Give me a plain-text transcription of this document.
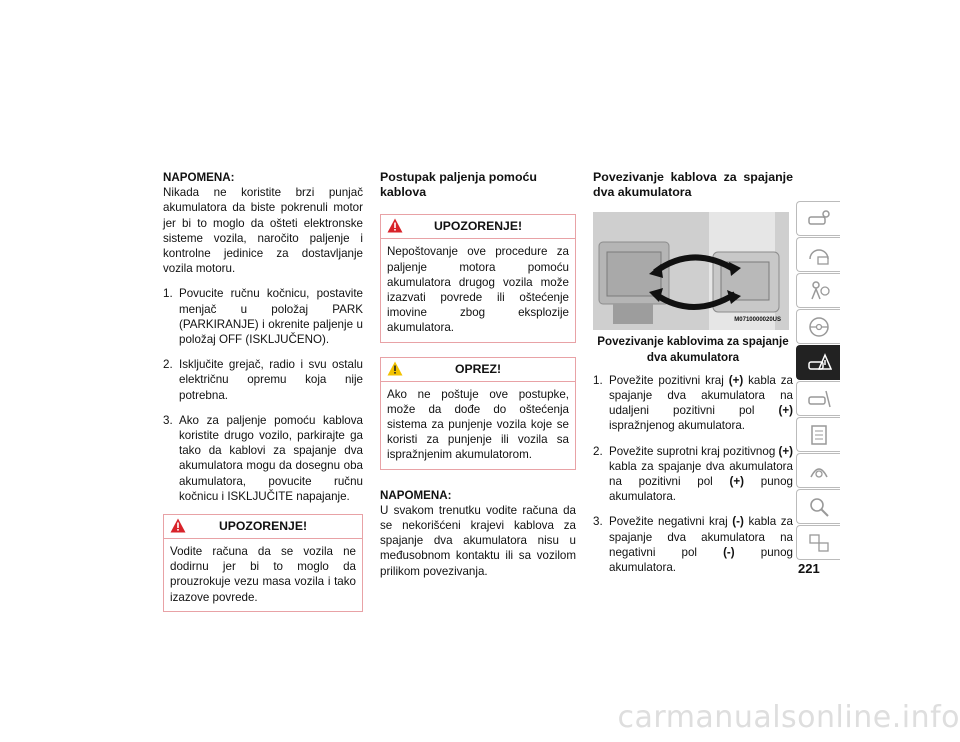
NAPOMENA:

Nikada ne koristite brzi punjač akumulatora da biste pokrenuli motor jer bi to moglo da ošteti elektronske sisteme vozila, naročito paljenje i kontrolne jedinice za dostavljanje vozila motoru.

1. Povucite ručnu kočnicu, postavite menjač u položaj PARK (PARKIRANJE) i okrenite paljenje u položaj OFF (ISKLJUČENO).
2. Isključite grejač, radio i svu ostalu električnu opremu koja nije potrebna.
3. Ako za paljenje pomoću kablova koristite drugo vozilo, parkirajte ga tako da kablovi za spajanje dva akumulatora mogu da dosegnu oba akumulatora, povucite ručnu kočnicu i ISKLJUČITE napajanje.
UPOZORENJE!
Vodite računa da se vozila ne dodirnu jer bi to moglo da prouzrokuje vezu masa vozila i tako izazove povrede.
Postupak paljenja pomoću kablova
UPOZORENJE!
Nepoštovanje ove procedure za paljenje motora pomoću akumulatora drugog vozila može izazvati povrede ili oštećenje imovine zbog eksplozije akumulatora.
OPREZ!
Ako ne poštuje ove postupke, može da dođe do oštećenja sistema za punjenje vozila koje se koristi za punjenje ili vozila sa ispražnjenim akumulatorom.
NAPOMENA:

U svakom trenutku vodite računa da se nekorišćeni krajevi kablova za spajanje dva akumulatora nisu u međusobnom kontaktu ili sa vozilom prilikom povezivanja.

Povezivanje kablova za spajanje dva akumulatora
M0710000020US
Povezivanje kablovima za spajanje dva akumulatora
1. Povežite pozitivni kraj (+) kabla za spajanje dva akumulatora na udaljeni pozitivni pol (+) ispražnjenog akumulatora.
2. Povežite suprotni kraj pozitivnog (+) kabla za spajanje dva akumulatora na pozitivni pol (+) punog akumulatora.
3. Povežite negativni kraj (-) kabla za spajanje dva akumulatora na negativni pol (-) punog akumulatora.	221
carmanualsonline.info
